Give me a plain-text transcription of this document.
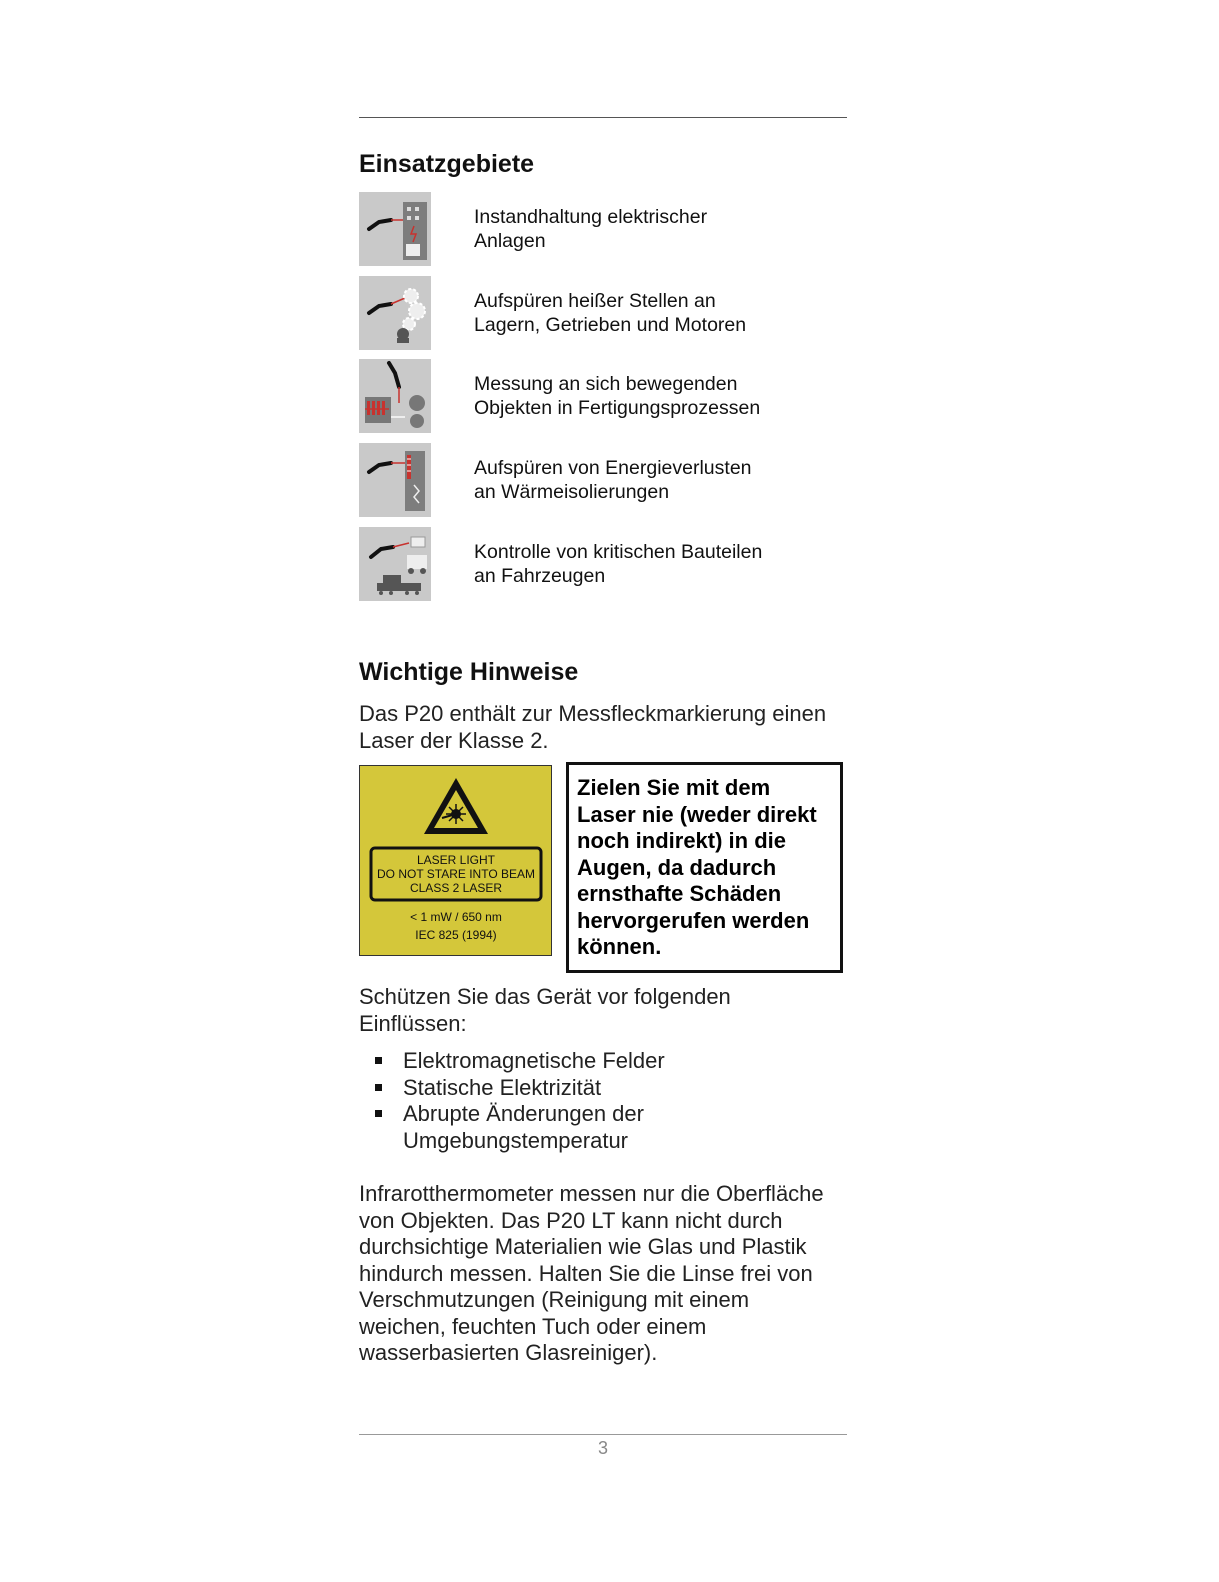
Einsatzgebiete
Instandhaltung elektrischer
Anlagen
Aufspüren heißer Stellen an
Lagern, Getrieben und Motoren
Messung an sich bewegenden
Objekten in Fertigungsprozessen
Aufspüren von Energieverlusten
an Wärmeisolierungen
Kontrolle von kritischen Bauteilen
an Fahrzeugen
Wichtige Hinweise
Das P20 enthält zur Messfleckmarkierung einen
Laser der Klasse 2.
LASER LIGHT
DO NOT STARE INTO BEAM
CLASS 2 LASER
< 1 mW / 650 nm
IEC 825 (1994)
Zielen Sie mit dem
Laser nie (weder direkt
noch indirekt) in die
Augen, da dadurch
ernsthafte Schäden
hervorgerufen werden
können.
Schützen Sie das Gerät vor folgenden
Einflüssen:
Elektromagnetische Felder
Statische Elektrizität
Abrupte Änderungen der
Umgebungstemperatur
Infrarotthermometer messen nur die Oberfläche
von Objekten. Das P20 LT kann nicht durch
durchsichtige Materialien wie Glas und Plastik
hindurch messen. Halten Sie die Linse frei von
Verschmutzungen (Reinigung mit einem
weichen, feuchten Tuch oder einem
wasserbasierten Glasreiniger).
3
